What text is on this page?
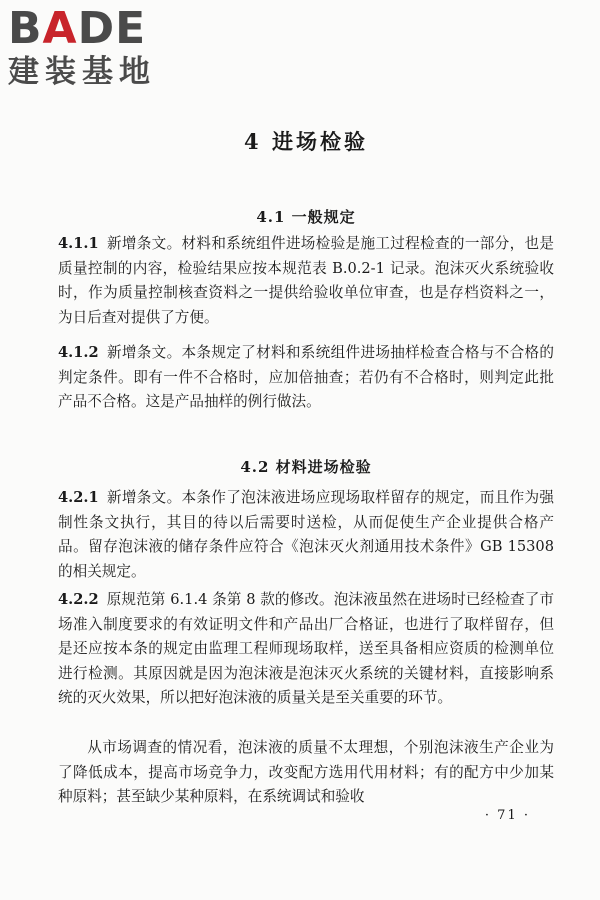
BADE
建装基地
4 进场检验
4.1 一般规定
4.1.1 新增条文。材料和系统组件进场检验是施工过程检查的一部分，也是质量控制的内容，检验结果应按本规范表 B.0.2-1 记录。泡沫灭火系统验收时，作为质量控制核查资料之一提供给验收单位审查，也是存档资料之一，为日后查对提供了方便。
4.1.2 新增条文。本条规定了材料和系统组件进场抽样检查合格与不合格的判定条件。即有一件不合格时，应加倍抽查；若仍有不合格时，则判定此批产品不合格。这是产品抽样的例行做法。
4.2 材料进场检验
4.2.1 新增条文。本条作了泡沫液进场应现场取样留存的规定，而且作为强制性条文执行，其目的待以后需要时送检，从而促使生产企业提供合格产品。留存泡沫液的储存条件应符合《泡沫灭火剂通用技术条件》GB 15308 的相关规定。
4.2.2 原规范第 6.1.4 条第 8 款的修改。泡沫液虽然在进场时已经检查了市场准入制度要求的有效证明文件和产品出厂合格证，也进行了取样留存，但是还应按本条的规定由监理工程师现场取样，送至具备相应资质的检测单位进行检测。其原因就是因为泡沫液是泡沫灭火系统的关键材料，直接影响系统的灭火效果，所以把好泡沫液的质量关是至关重要的环节。
从市场调查的情况看，泡沫液的质量不太理想，个别泡沫液生产企业为了降低成本，提高市场竞争力，改变配方选用代用材料；有的配方中少加某种原料；甚至缺少某种原料，在系统调试和验收
· 71 ·
